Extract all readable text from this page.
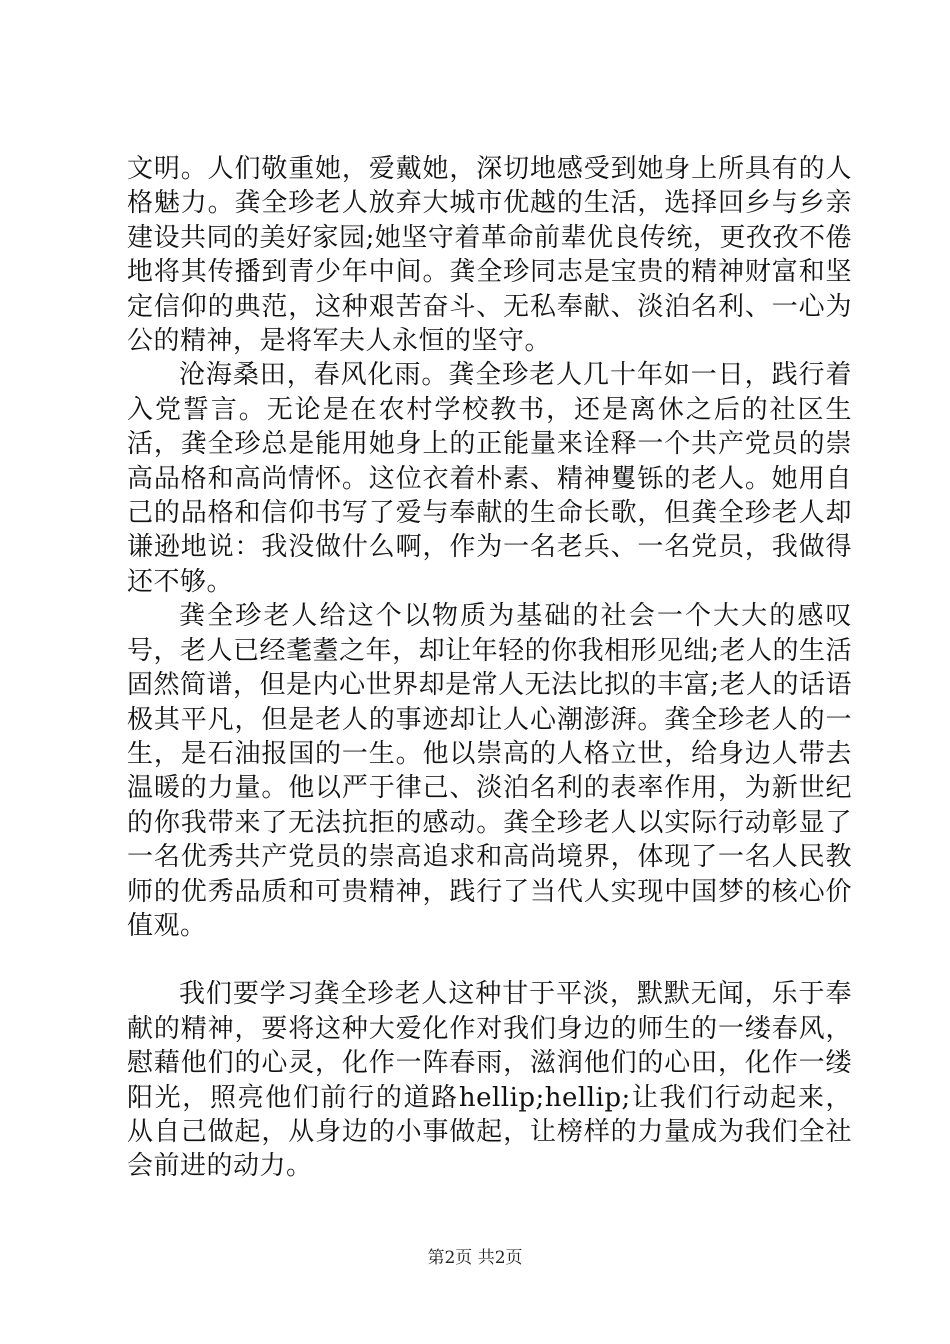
文明。人们敬重她，爱戴她，深切地感受到她身上所具有的人格魅力。龚全珍老人放弃大城市优越的生活，选择回乡与乡亲建设共同的美好家园;她坚守着革命前辈优良传统，更孜孜不倦地将其传播到青少年中间。龚全珍同志是宝贵的精神财富和坚定信仰的典范，这种艰苦奋斗、无私奉献、淡泊名利、一心为公的精神，是将军夫人永恒的坚守。

沧海桑田，春风化雨。龚全珍老人几十年如一日，践行着入党誓言。无论是在农村学校教书，还是离休之后的社区生活，龚全珍总是能用她身上的正能量来诠释一个共产党员的崇高品格和高尚情怀。这位衣着朴素、精神矍铄的老人。她用自己的品格和信仰书写了爱与奉献的生命长歌，但龚全珍老人却谦逊地说：我没做什么啊，作为一名老兵、一名党员，我做得还不够。

龚全珍老人给这个以物质为基础的社会一个大大的感叹号，老人已经耄耋之年，却让年轻的你我相形见绌;老人的生活固然简谱，但是内心世界却是常人无法比拟的丰富;老人的话语极其平凡，但是老人的事迹却让人心潮澎湃。龚全珍老人的一生，是石油报国的一生。他以崇高的人格立世，给身边人带去温暖的力量。他以严于律己、淡泊名利的表率作用，为新世纪的你我带来了无法抗拒的感动。龚全珍老人以实际行动彰显了一名优秀共产党员的崇高追求和高尚境界，体现了一名人民教师的优秀品质和可贵精神，践行了当代人实现中国梦的核心价值观。

我们要学习龚全珍老人这种甘于平淡，默默无闻，乐于奉献的精神，要将这种大爱化作对我们身边的师生的一缕春风，慰藉他们的心灵，化作一阵春雨，滋润他们的心田，化作一缕阳光，照亮他们前行的道路hellip;hellip;让我们行动起来，从自己做起，从身边的小事做起，让榜样的力量成为我们全社会前进的动力。

第2页 共2页
